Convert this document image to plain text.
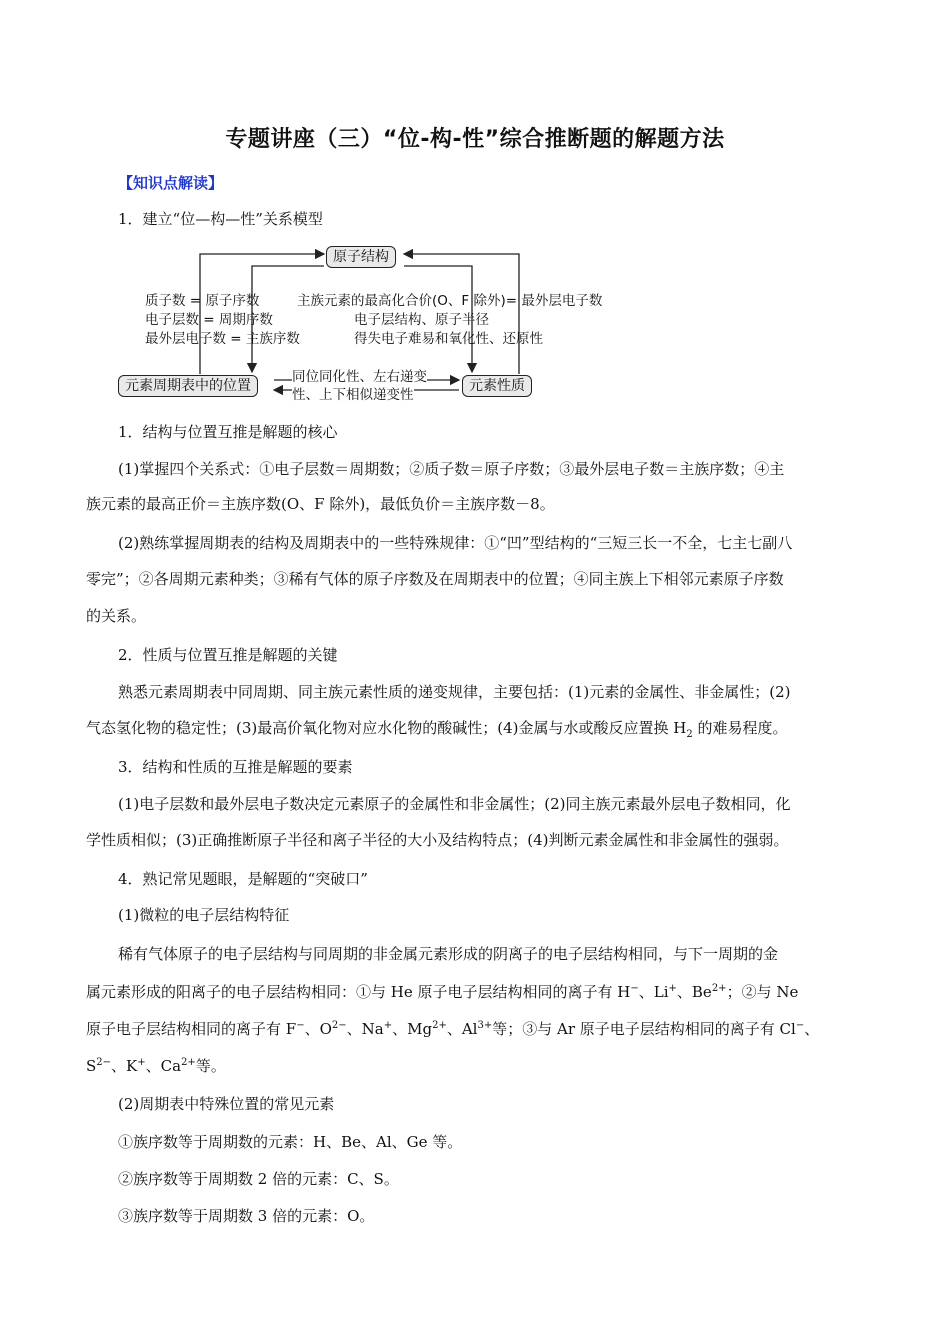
专题讲座（三）“位-构-性”综合推断题的解题方法
【知识点解读】
1．建立“位—构—性”关系模型
原子结构
元素周期表中的位置	元素性质
质子数 = 原子序数
电子层数 = 周期序数
最外层电子数 = 主族序数
主族元素的最高化合价(O、F 除外)= 最外层电子数
电子层结构、原子半径
得失电子难易和氧化性、还原性
同位同化性、左右递变
性、上下相似递变性
1．结构与位置互推是解题的核心
(1)掌握四个关系式：①电子层数＝周期数；②质子数＝原子序数；③最外层电子数＝主族序数；④主
族元素的最高正价＝主族序数(O、F 除外)，最低负价＝主族序数－8。
(2)熟练掌握周期表的结构及周期表中的一些特殊规律：①“凹”型结构的“三短三长一不全，七主七副八
零完”；②各周期元素种类；③稀有气体的原子序数及在周期表中的位置；④同主族上下相邻元素原子序数
的关系。
2．性质与位置互推是解题的关键
熟悉元素周期表中同周期、同主族元素性质的递变规律，主要包括：(1)元素的金属性、非金属性；(2)
气态氢化物的稳定性；(3)最高价氧化物对应水化物的酸碱性；(4)金属与水或酸反应置换 $H_2$ 的难易程度。
3．结构和性质的互推是解题的要素
(1)电子层数和最外层电子数决定元素原子的金属性和非金属性；(2)同主族元素最外层电子数相同，化
学性质相似；(3)正确推断原子半径和离子半径的大小及结构特点；(4)判断元素金属性和非金属性的强弱。
4．熟记常见题眼，是解题的“突破口”
(1)微粒的电子层结构特征
稀有气体原子的电子层结构与同周期的非金属元素形成的阴离子的电子层结构相同，与下一周期的金
属元素形成的阳离子的电子层结构相同：①与 He 原子电子层结构相同的离子有 H−、Li+、$Be^{2+}$；②与 Ne
原子电子层结构相同的离子有 F−、$O^{2-}$、Na+、$Mg^{2+}$、$Al^{3+}$等；③与 Ar 原子电子层结构相同的离子有 Cl−、
$S^{2-}$、K+、$Ca^{2+}$等。
(2)周期表中特殊位置的常见元素
①族序数等于周期数的元素：H、Be、Al、Ge 等。
②族序数等于周期数 2 倍的元素：C、S。
③族序数等于周期数 3 倍的元素：O。
